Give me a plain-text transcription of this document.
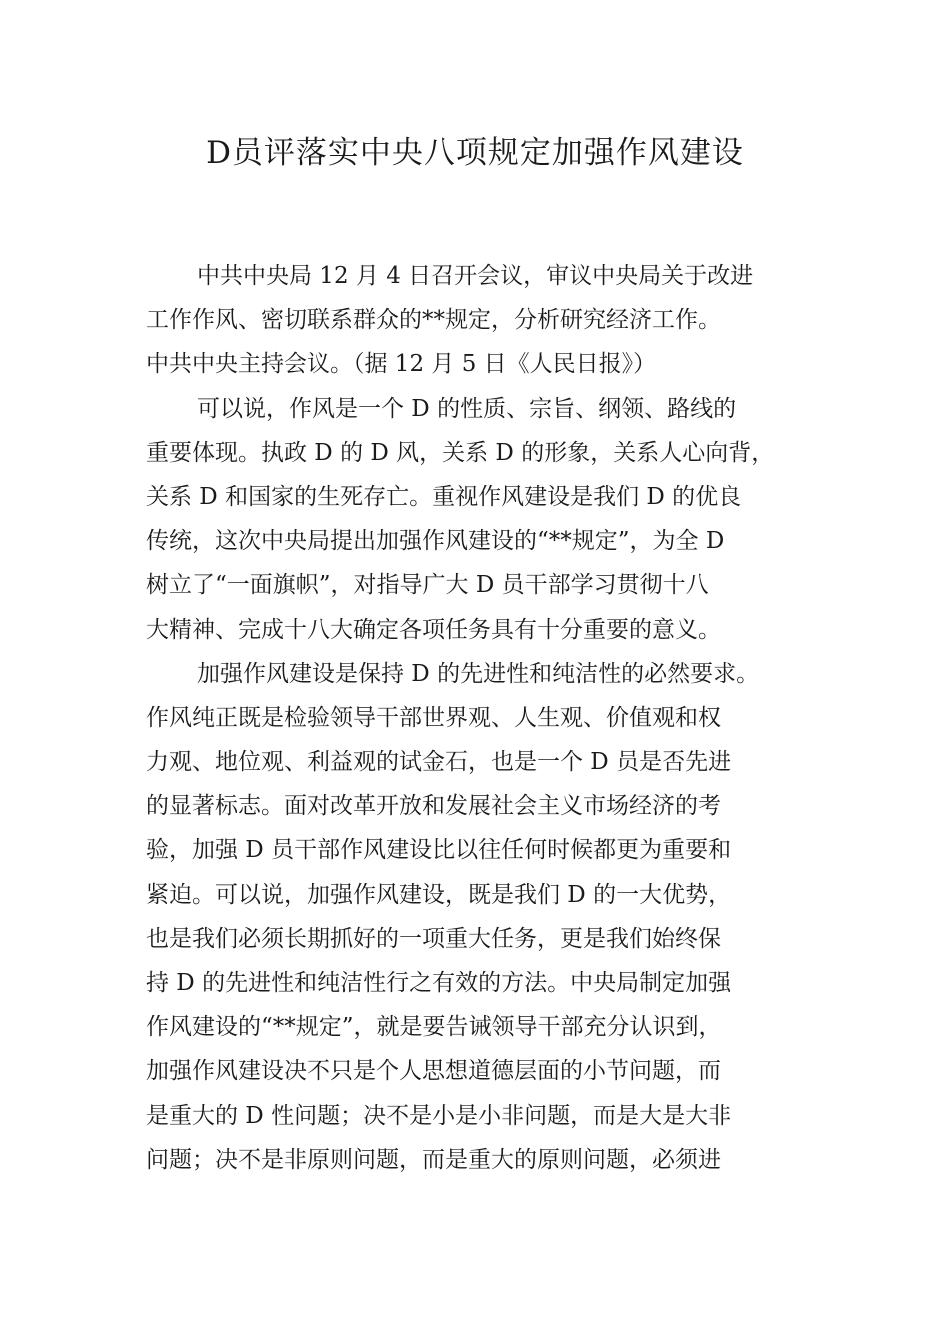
D员评落实中央八项规定加强作风建设
中共中央局 12 月 4 日召开会议，审议中央局关于改进
工作作风、密切联系群众的**规定，分析研究经济工作。
中共中央主持会议。（据 12 月 5 日《人民日报》）
可以说，作风是一个 D 的性质、宗旨、纲领、路线的
重要体现。执政 D 的 D 风，关系 D 的形象，关系人心向背，
关系 D 和国家的生死存亡。重视作风建设是我们 D 的优良
传统，这次中央局提出加强作风建设的“**规定”，为全 D
树立了“一面旗帜”，对指导广大 D 员干部学习贯彻十八
大精神、完成十八大确定各项任务具有十分重要的意义。
加强作风建设是保持 D 的先进性和纯洁性的必然要求。
作风纯正既是检验领导干部世界观、人生观、价值观和权
力观、地位观、利益观的试金石，也是一个 D 员是否先进
的显著标志。面对改革开放和发展社会主义市场经济的考
验，加强 D 员干部作风建设比以往任何时候都更为重要和
紧迫。可以说，加强作风建设，既是我们 D 的一大优势，
也是我们必须长期抓好的一项重大任务，更是我们始终保
持 D 的先进性和纯洁性行之有效的方法。中央局制定加强
作风建设的“**规定”，就是要告诫领导干部充分认识到，
加强作风建设决不只是个人思想道德层面的小节问题，而
是重大的 D 性问题；决不是小是小非问题，而是大是大非
问题；决不是非原则问题，而是重大的原则问题，必须进
